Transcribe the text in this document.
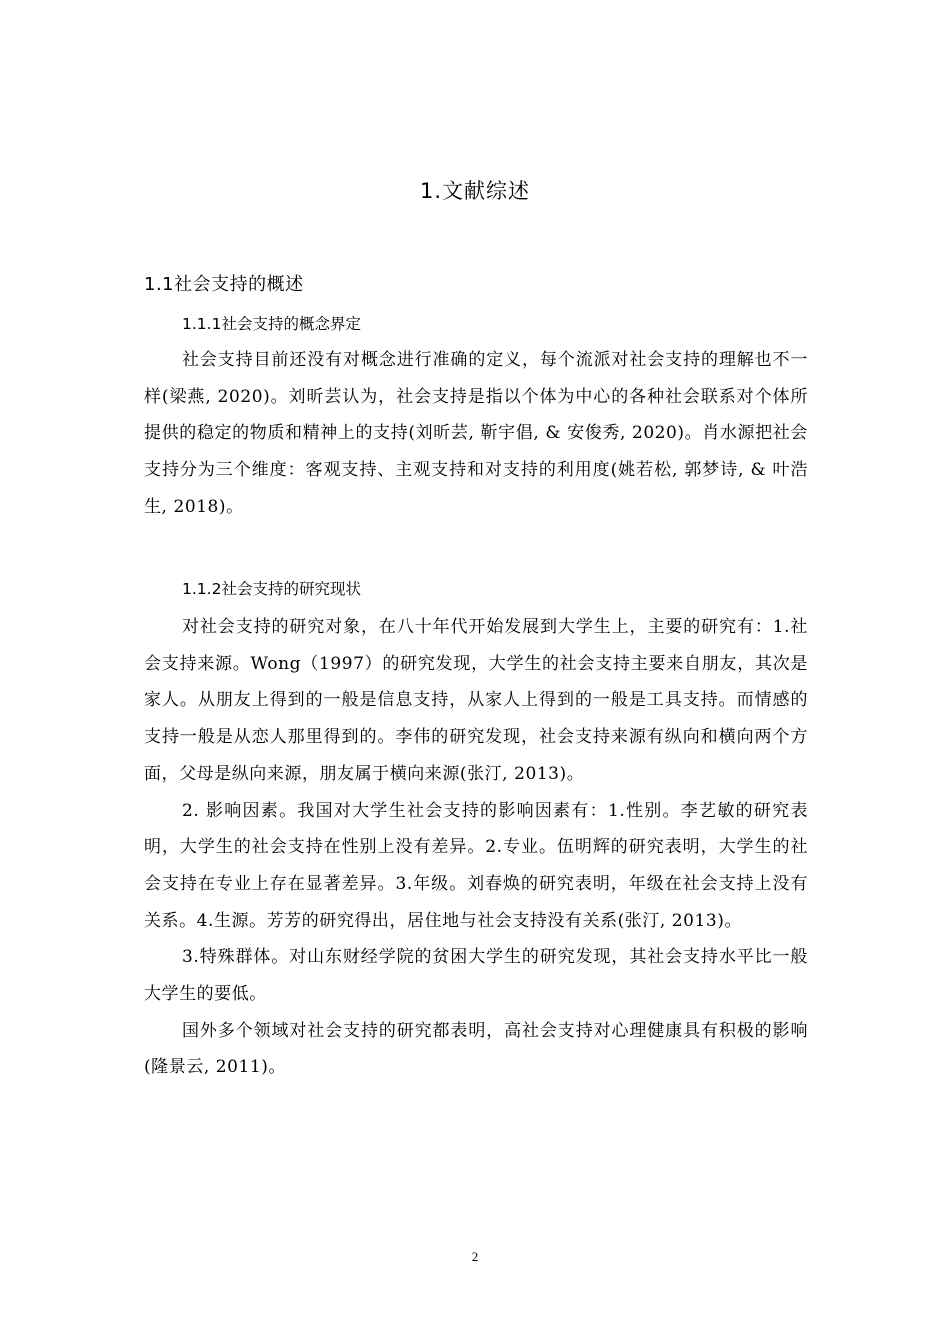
1.文献综述
1.1社会支持的概述
1.1.1社会支持的概念界定

社会支持目前还没有对概念进行准确的定义，每个流派对社会支持的理解也不一样(梁燕, 2020)。刘昕芸认为，社会支持是指以个体为中心的各种社会联系对个体所提供的稳定的物质和精神上的支持(刘昕芸, 靳宇倡, & 安俊秀, 2020)。肖水源把社会支持分为三个维度：客观支持、主观支持和对支持的利用度(姚若松, 郭梦诗, & 叶浩生, 2018)。

1.1.2社会支持的研究现状

对社会支持的研究对象，在八十年代开始发展到大学生上，主要的研究有：1.社会支持来源。Wong（1997）的研究发现，大学生的社会支持主要来自朋友，其次是家人。从朋友上得到的一般是信息支持，从家人上得到的一般是工具支持。而情感的支持一般是从恋人那里得到的。李伟的研究发现，社会支持来源有纵向和横向两个方面，父母是纵向来源，朋友属于横向来源(张汀, 2013)。

2. 影响因素。我国对大学生社会支持的影响因素有：1.性别。李艺敏的研究表明，大学生的社会支持在性别上没有差异。2.专业。伍明辉的研究表明，大学生的社会支持在专业上存在显著差异。3.年级。刘春焕的研究表明，年级在社会支持上没有关系。4.生源。芳芳的研究得出，居住地与社会支持没有关系(张汀, 2013)。

3.特殊群体。对山东财经学院的贫困大学生的研究发现，其社会支持水平比一般大学生的要低。

国外多个领域对社会支持的研究都表明，高社会支持对心理健康具有积极的影响(隆景云, 2011)。

2
